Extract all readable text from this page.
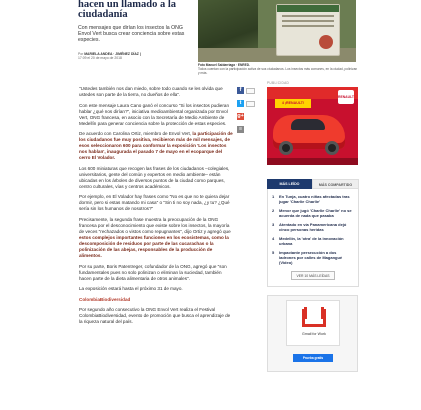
hacen un llamado a la ciudadanía
Con mensajes que dirían los insectos la ONG Envol Vert busca crear conciencia sobre estas especies.
Por MARIELA ANDEA · JIMÉNEZ DÍAZ |
17:09 el 20 de mayo de 2018
Foto Manuel Saldarriaga · ENRED.
Todos cuentan con la participación activa de sus ciudadanos. Los insectos más comunes, en la ciudad, polinizan y más.
f
t
g+
≡

"Ustedes también nos dan miedo, sobre todo cuando se les olvida que ustedes son parte de la tierra, no dueños de ella".

Con este mensaje Laura Cano ganó el concurso "Si los insectos pudieran hablar ¿qué nos dirían?", iniciativa medioambiental organizada por Envol Vert, ONG francesa, en asocio con la Secretaría de Medio Ambiente de Medellín para generar conciencia sobre la protección de estas especies.

De acuerdo con Carolina Ortiz, miembro de Envol Vert, la participación de los ciudadanos fue muy positiva, recibieron más de mil mensajes, de esos seleccionaron 600 para conformar la exposición 'Los insectos nos hablan', inaugurada el pasado 7 de mayo en el ecoparque del cerro El Volador.

Los 600 miniaturas que recogen las frases de los ciudadanos –colegiales, universitarios, gente del común y expertos en medio ambiente– están ubicadas en los árboles de diversos puntos de la ciudad como parques, centro culturales, vías y centros académicos.

Por ejemplo, en El Volador hay frases como "No es que no te quiera dejar dormir, pero si estas matando mi casa" o "Sin ti no soy nada, ¿y tu? ¿Qué sería sin los humanos de nosotros?"

Precisamente, la segunda frase muestra la preocupación de la ONG francesa por el desconocimiento que existe sobre los insectos, la mayoría de veces "rechazados o vistos como repugnantes", dijo Ortiz y agregó que estos complejos importantes funciones en los ecosistemas, como la descomposición de residuos por parte de las cucarachas o la polinización de las abejas, responsables de la producción de alimentos.

Por su parte, Boris Patentreger, cofundador de la ONG, agregó que "son fundamentales pues no solo polinizan o eliminan la suciedad, también hacen parte de la dieta alimentaria de otros animales".

La exposición estará hasta el próximo 31 de mayo.

ColombiaBiodiversidad

Por segundo año consecutivo la ONG Envol Vert realiza el Festival ColombiaBiodiversidad, evento de promoción que busca el aprendizaje de la riqueza natural del país.

PUBLICIDAD
4 ¡RENAULT!
RENAULT
MÁS LEÍDO	MÁS COMPARTIDO
1	En Tunja, cuatro niñas afectadas tras jugar 'Charlie Charlie'
2	Menor que jugó 'Charlie Charlie' no se acuerda de nada que pasaba
3	Atentado en vía Panamericana dejó cinco personas heridas
4	Medellín, la 'otra' de la innovación urbana
5	Impactante persecución a dos ladrones por calles de Magangué (Video)
VER 10 MÁS LEÍDAS
Gmail for Work
Prueba gratis
